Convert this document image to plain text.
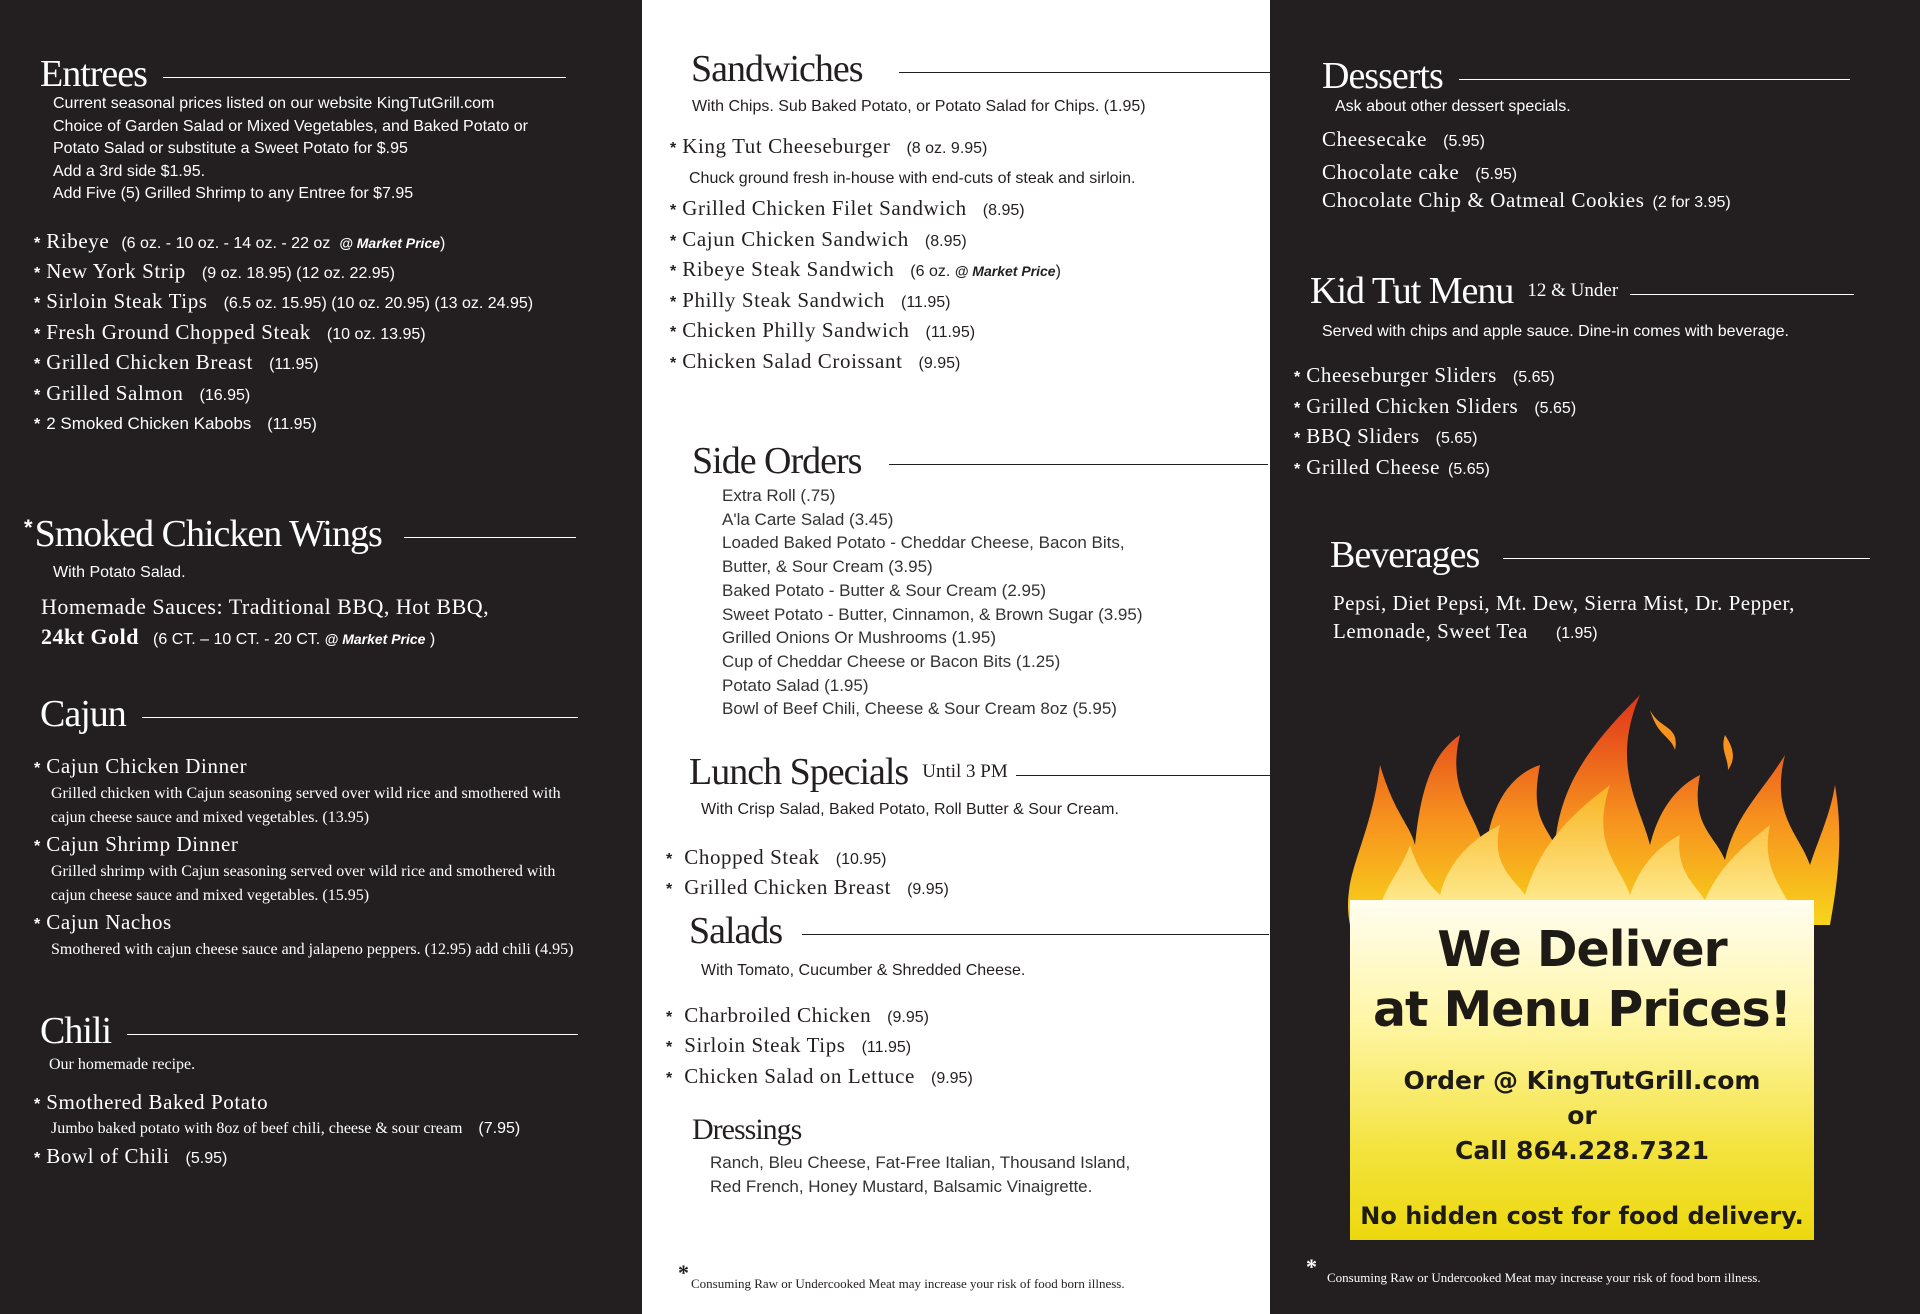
Entrees
Current seasonal prices listed on our website KingTutGrill.com
Choice of Garden Salad or Mixed Vegetables, and Baked Potato or
Potato Salad or substitute a Sweet Potato for $.95
Add a 3rd side $1.95.
Add Five (5) Grilled Shrimp to any Entree for $7.95
* Ribeye (6 oz. - 10 oz. - 14 oz. - 22 oz @ Market Price)
* New York Strip (9 oz. 18.95) (12 oz. 22.95)
* Sirloin Steak Tips (6.5 oz. 15.95) (10 oz. 20.95) (13 oz. 24.95)
* Fresh Ground Chopped Steak (10 oz. 13.95)
* Grilled Chicken Breast (11.95)
* Grilled Salmon (16.95)
* 2 Smoked Chicken Kabobs (11.95)
* Smoked Chicken Wings
With Potato Salad.
Homemade Sauces: Traditional BBQ, Hot BBQ,
24kt Gold (6 CT. – 10 CT. - 20 CT. @ Market Price )
Cajun
* Cajun Chicken Dinner
Grilled chicken with Cajun seasoning served over wild rice and smothered with cajun cheese sauce and mixed vegetables. (13.95)
* Cajun Shrimp Dinner
Grilled shrimp with Cajun seasoning served over wild rice and smothered with cajun cheese sauce and mixed vegetables. (15.95)
* Cajun Nachos
Smothered with cajun cheese sauce and jalapeno peppers. (12.95) add chili (4.95)
Chili
Our homemade recipe.
* Smothered Baked Potato
Jumbo baked potato with 8oz of beef chili, cheese & sour cream (7.95)
* Bowl of Chili (5.95)
Sandwiches
With Chips. Sub Baked Potato, or Potato Salad for Chips. (1.95)
* King Tut Cheeseburger (8 oz. 9.95)
Chuck ground fresh in-house with end-cuts of steak and sirloin.
* Grilled Chicken Filet Sandwich (8.95)
* Cajun Chicken Sandwich (8.95)
* Ribeye Steak Sandwich (6 oz. @ Market Price)
* Philly Steak Sandwich (11.95)
* Chicken Philly Sandwich (11.95)
* Chicken Salad Croissant (9.95)
Side Orders
Extra Roll (.75)
A'la Carte Salad (3.45)
Loaded Baked Potato - Cheddar Cheese, Bacon Bits,
Butter, & Sour Cream (3.95)
Baked Potato - Butter & Sour Cream (2.95)
Sweet Potato - Butter, Cinnamon, & Brown Sugar (3.95)
Grilled Onions Or Mushrooms (1.95)
Cup of Cheddar Cheese or Bacon Bits (1.25)
Potato Salad (1.95)
Bowl of Beef Chili, Cheese & Sour Cream 8oz (5.95)
Lunch Specials Until 3 PM
With Crisp Salad, Baked Potato, Roll Butter & Sour Cream.
* Chopped Steak (10.95)
* Grilled Chicken Breast (9.95)
Salads
With Tomato, Cucumber & Shredded Cheese.
* Charbroiled Chicken (9.95)
* Sirloin Steak Tips (11.95)
* Chicken Salad on Lettuce (9.95)
Dressings
Ranch, Bleu Cheese, Fat-Free Italian, Thousand Island,
Red French, Honey Mustard, Balsamic Vinaigrette.
* Consuming Raw or Undercooked Meat may increase your risk of food born illness.
Desserts
Ask about other dessert specials.
Cheesecake (5.95)
Chocolate cake (5.95)
Chocolate Chip & Oatmeal Cookies (2 for 3.95)
Kid Tut Menu 12 & Under
Served with chips and apple sauce. Dine-in comes with beverage.
* Cheeseburger Sliders (5.65)
* Grilled Chicken Sliders (5.65)
* BBQ Sliders (5.65)
* Grilled Cheese (5.65)
Beverages
Pepsi, Diet Pepsi, Mt. Dew, Sierra Mist, Dr. Pepper,
Lemonade, Sweet Tea (1.95)
* Consuming Raw or Undercooked Meat may increase your risk of food born illness.
We Deliver
at Menu Prices!
Order @ KingTutGrill.com
or
Call 864.228.7321
No hidden cost for food delivery.
